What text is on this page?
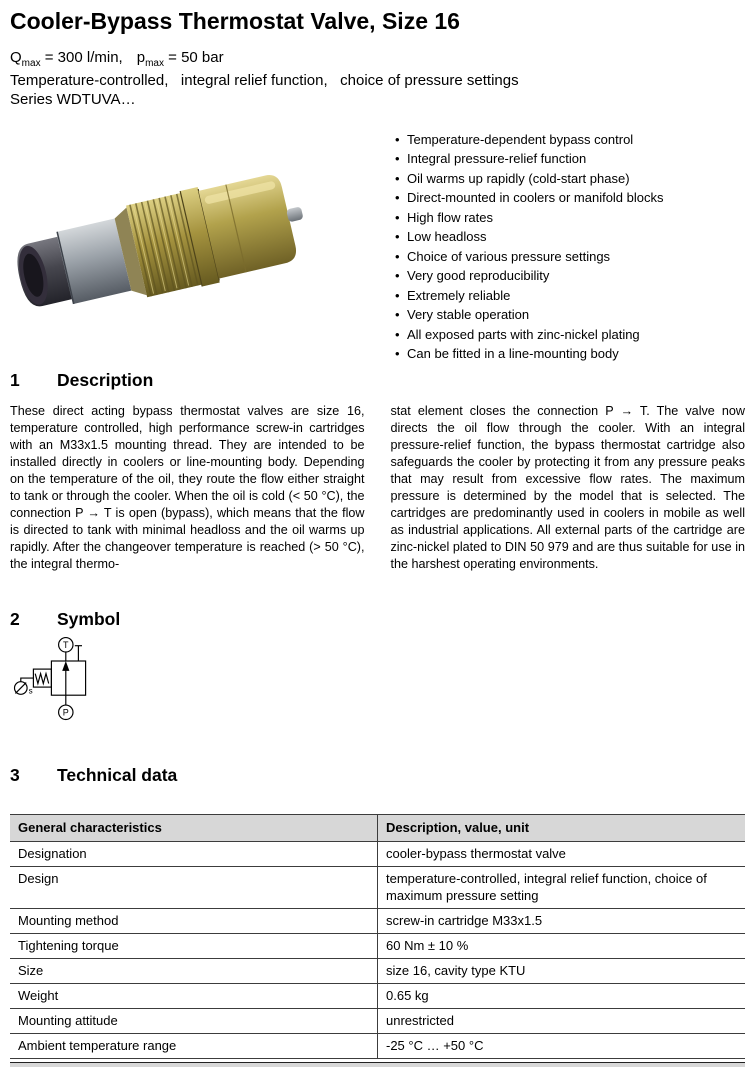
Cooler-Bypass Thermostat Valve, Size 16
$Q_{max} = 300$ l/min, $p_{max} = 50$ bar
Temperature-controlled,   integral relief function,   choice of pressure settings
Series WDTUVA…
• Temperature-dependent bypass control
• Integral pressure-relief function
• Oil warms up rapidly (cold-start phase)
• Direct-mounted in coolers or manifold blocks
• High flow rates
• Low headloss
• Choice of various pressure settings
• Very good reproducibility
• Extremely reliable
• Very stable operation
• All exposed parts with zinc-nickel plating
• Can be fitted in a line-mounting body
1 Description

These direct acting bypass thermostat valves are size 16, temperature controlled, high performance screw-in cartridges with an M33x1.5 mounting thread. They are intended to be installed directly in coolers or line-mounting body. Depending on the temperature of the oil, they route the flow either straight to tank or through the cooler. When the oil is cold (< 50 °C), the connection P → T is open (bypass), which means that the flow is directed to tank with minimal headloss and the oil warms up rapidly. After the changeover temperature is reached (> 50 °C), the integral thermo-

stat element closes the connection P → T. The valve now directs the oil flow through the cooler. With an integral pressure-relief function, the bypass thermostat cartridge also safeguards the cooler by protecting it from any pressure peaks that may result from excessive flow rates. The maximum pressure is determined by the model that is selected. The cartridges are predominantly used in coolers in mobile as well as industrial applications. All external parts of the cartridge are zinc-nickel plated to DIN 50 979 and are thus suitable for use in the harshest operating environments.

2 Symbol
T
P
s
3 Technical data
General characteristics	Description, value, unit
Designation	cooler-bypass thermostat valve
Design	temperature-controlled, integral relief function, choice of maximum pressure setting
Mounting method	screw-in cartridge M33x1.5
Tightening torque	60 Nm ± 10 %
Size	size 16, cavity type KTU
Weight	0.65 kg
Mounting attitude	unrestricted
Ambient temperature range	-25 °C … +50 °C
